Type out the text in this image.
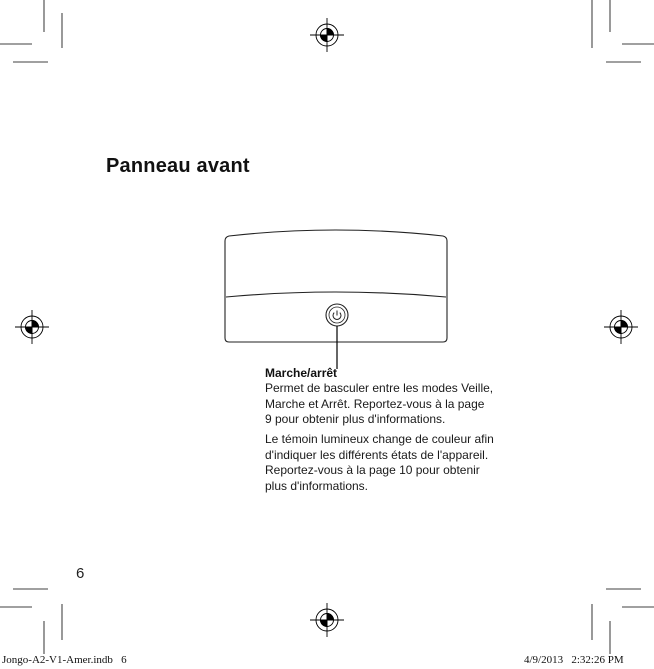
Panneau avant
Marche/arrêt
Permet de basculer entre les modes Veille,
Marche et Arrêt. Reportez-vous à la page
9 pour obtenir plus d'informations.
Le témoin lumineux change de couleur afin
d'indiquer les différents états de l'appareil.
Reportez-vous à la page 10 pour obtenir
plus d'informations.
6
Jongo-A2-V1-Amer.indb   6	4/9/2013   2:32:26 PM
